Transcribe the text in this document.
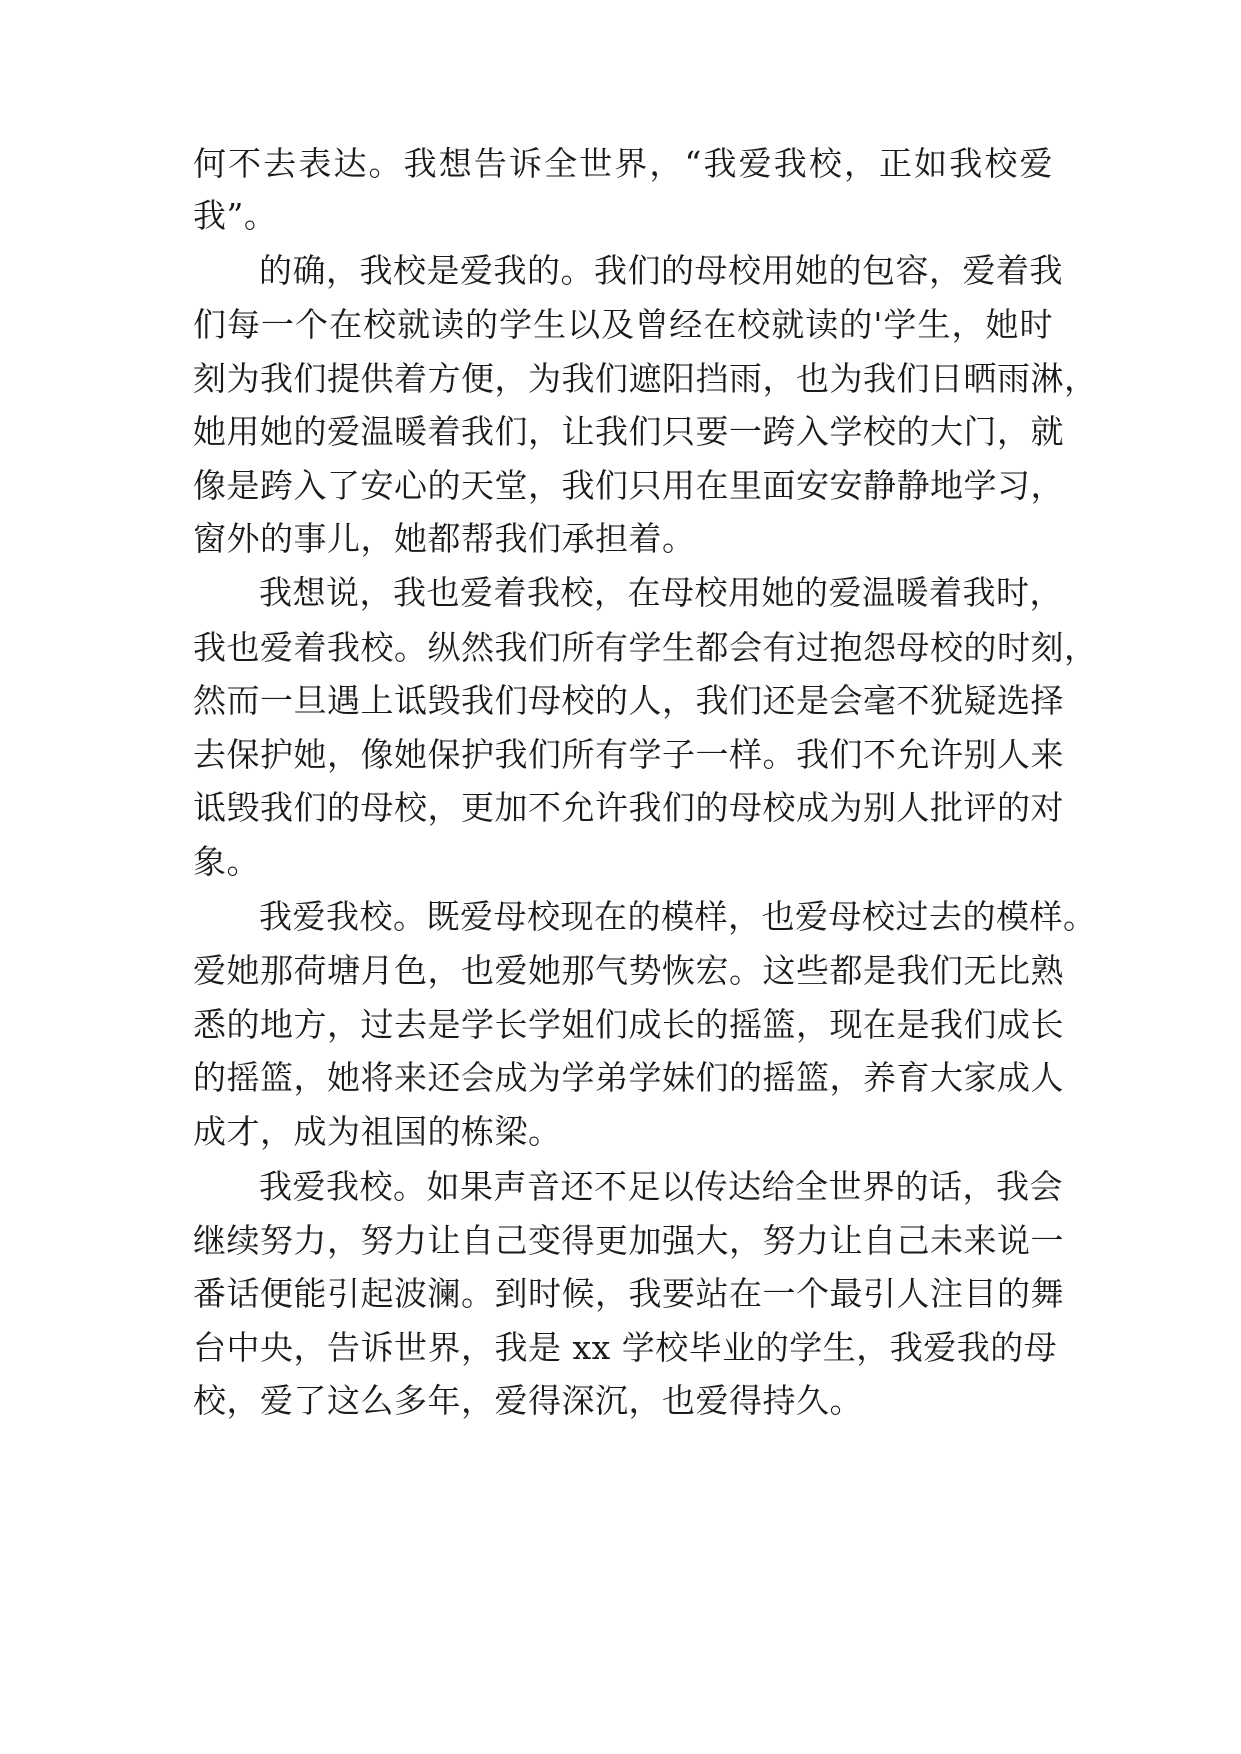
何不去表达。我想告诉全世界，“我爱我校，正如我校爱
我”。
的确，我校是爱我的。我们的母校用她的包容，爱着我
们每一个在校就读的学生以及曾经在校就读的'学生，她时
刻为我们提供着方便，为我们遮阳挡雨，也为我们日晒雨淋，
她用她的爱温暖着我们，让我们只要一跨入学校的大门，就
像是跨入了安心的天堂，我们只用在里面安安静静地学习，
窗外的事儿，她都帮我们承担着。
我想说，我也爱着我校，在母校用她的爱温暖着我时，
我也爱着我校。纵然我们所有学生都会有过抱怨母校的时刻，
然而一旦遇上诋毁我们母校的人，我们还是会毫不犹疑选择
去保护她，像她保护我们所有学子一样。我们不允许别人来
诋毁我们的母校，更加不允许我们的母校成为别人批评的对
象。
我爱我校。既爱母校现在的模样，也爱母校过去的模样。
爱她那荷塘月色，也爱她那气势恢宏。这些都是我们无比熟
悉的地方，过去是学长学姐们成长的摇篮，现在是我们成长
的摇篮，她将来还会成为学弟学妹们的摇篮，养育大家成人
成才，成为祖国的栋梁。
我爱我校。如果声音还不足以传达给全世界的话，我会
继续努力，努力让自己变得更加强大，努力让自己未来说一
番话便能引起波澜。到时候，我要站在一个最引人注目的舞
台中央，告诉世界，我是 xx 学校毕业的学生，我爱我的母
校，爱了这么多年，爱得深沉，也爱得持久。
